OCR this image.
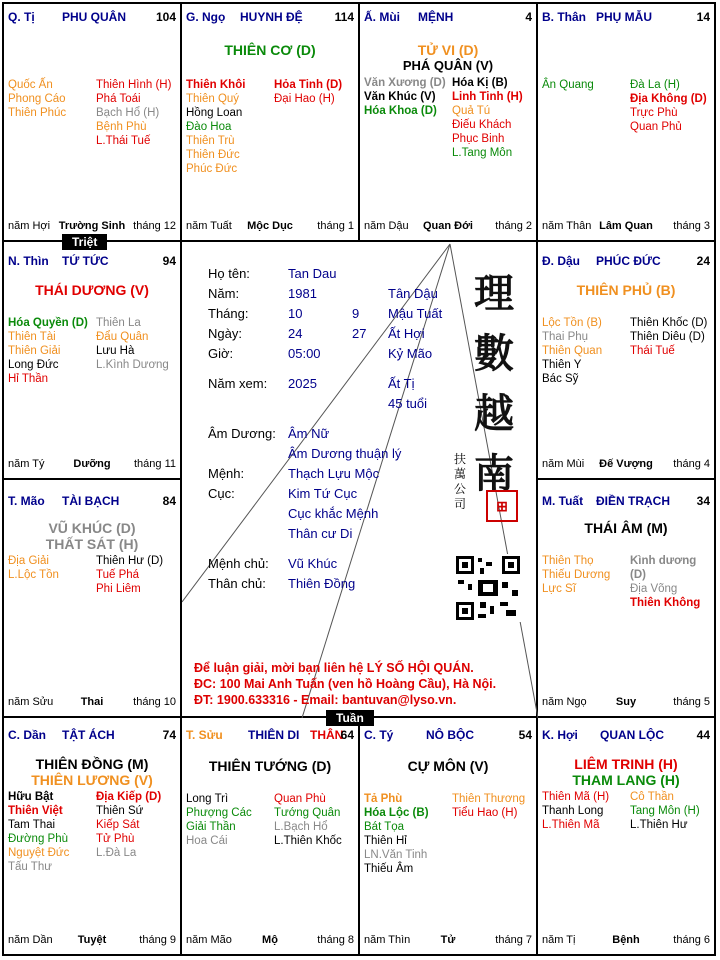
Q. Tị PHU QUÂN 104
Quốc Ấn
Phong Cáo
Thiên Phúc
Thiên Hình (H)
Phá Toái
Bạch Hổ (H)
Bệnh Phù
L.Thái Tuế
năm Hợi Trường Sinh tháng 12
G. Ngọ HUYNH ĐỆ	114
THIÊN CƠ (D)
Thiên Khôi
Thiên Quý
Hồng Loan
Đào Hoa
Thiên Trù
Thiên Đức
Phúc Đức
Hỏa Tinh (D)
Đại Hao (H)
năm Tuất	Mộc Dục	tháng 1
Ấ. Mùi MỆNH	4
TỬ VI (D)
PHÁ QUÂN (V)
Văn Xương (D)
Văn Khúc (V)
Hóa Khoa (D)
Hóa Kị (B)
Linh Tinh (H)
Quả Tú
Điếu Khách
Phục Binh
L.Tang Môn
năm Dậu	Quan Đới	tháng 2
B. Thân PHỤ MẪU	14
Ân Quang	Đà La (H)
Địa Không (D)
Trực Phù
Quan Phủ
năm Thân Lâm Quan	tháng 3
N. Thìn TỨ TỨC	94
THÁI DƯƠNG (V)
Hóa Quyền (D)
Thiên Tài
Thiên Giải
Long Đức
Hỉ Thần
Thiên La
Đẩu Quân
Lưu Hà
L.Kình Dương
năm Tý	Dưỡng	tháng 11
Đ. Dậu PHÚC ĐỨC	24
THIÊN PHỦ (B)
Lộc Tồn (B)
Thai Phụ
Thiên Quan
Thiên Y
Bác Sỹ
Thiên Khốc (D)
Thiên Diêu (D)
Thái Tuế
năm Mùi	Đế Vượng	tháng 4
T. Mão TÀI BẠCH	84
VŨ KHÚC (D)
THẤT SÁT (H)
Địa Giải
L.Lộc Tồn
Thiên Hư (D)
Tuế Phá
Phi Liêm
năm Sửu	Thai	tháng 10
M. Tuất ĐIỀN TRẠCH 34
THÁI ÂM (M)
Thiên Thọ
Thiếu Dương
Lực Sĩ
Kình dương (D)
Địa Võng
Thiên Không
năm Ngọ	Suy	tháng 5
C. Dần TẬT ÁCH	74
THIÊN ĐỒNG (M)
THIÊN LƯƠNG (V)
Hữu Bật
Thiên Việt
Tam Thai
Đường Phù
Nguyệt Đức
Tấu Thư
Địa Kiếp (D)
Thiên Sứ
Kiếp Sát
Tử Phù
L.Đà La
năm Dần	Tuyệt	tháng 9
T. Sửu THIÊN DI THÂN
64
THIÊN TƯỚNG (D)
Long Trì
Phượng Các
Giải Thần
Hoa Cái
Quan Phù
Tướng Quân
L.Bạch Hổ
L.Thiên Khốc
năm Mão	Mộ	tháng 8
C. Tý	NÔ BỘC	54
CỰ MÔN (V)
Tả Phù
Hóa Lộc (B)
Bát Tọa
Thiên Hỉ
LN.Văn Tinh
Thiếu Âm
Thiên Thương
Tiểu Hao (H)
năm Thìn	Tử	tháng 7
K. Hợi QUAN LỘC	44
LIÊM TRINH (H)
THAM LANG (H)
Thiên Mã (H)
Thanh Long
L.Thiên Mã
Cô Thần
Tang Môn (H)
L.Thiên Hư
năm Tị	Bệnh	tháng 6
Họ tên:	Tan Dau
Năm:	1981	Tân Dậu
Tháng:	10	9 Mậu Tuất
Ngày:	24	27 Ất Hợi
Giờ:	05:00	Kỷ Mão
Năm xem: 2025	Ất Tị
45 tuổi
Âm Dương: Âm Nữ
Âm Dương thuận lý
Mệnh:	Thạch Lựu Mộc
Cục:	Kim Tứ Cục
Cục khắc Mệnh
Thân cư Di
Mệnh chủ: Vũ Khúc
Thân chủ: Thiên Đồng
理
數
越
南
扶萬公司	⊞
Để luận giải, mời bạn liên hệ LÝ SỐ HỘI QUÁN.
ĐC: 100 Mai Anh Tuấn (ven hồ Hoàng Cầu), Hà Nội.
ĐT: 1900.633316 - Email: bantuvan@lyso.vn.
Triệt
Tuần
